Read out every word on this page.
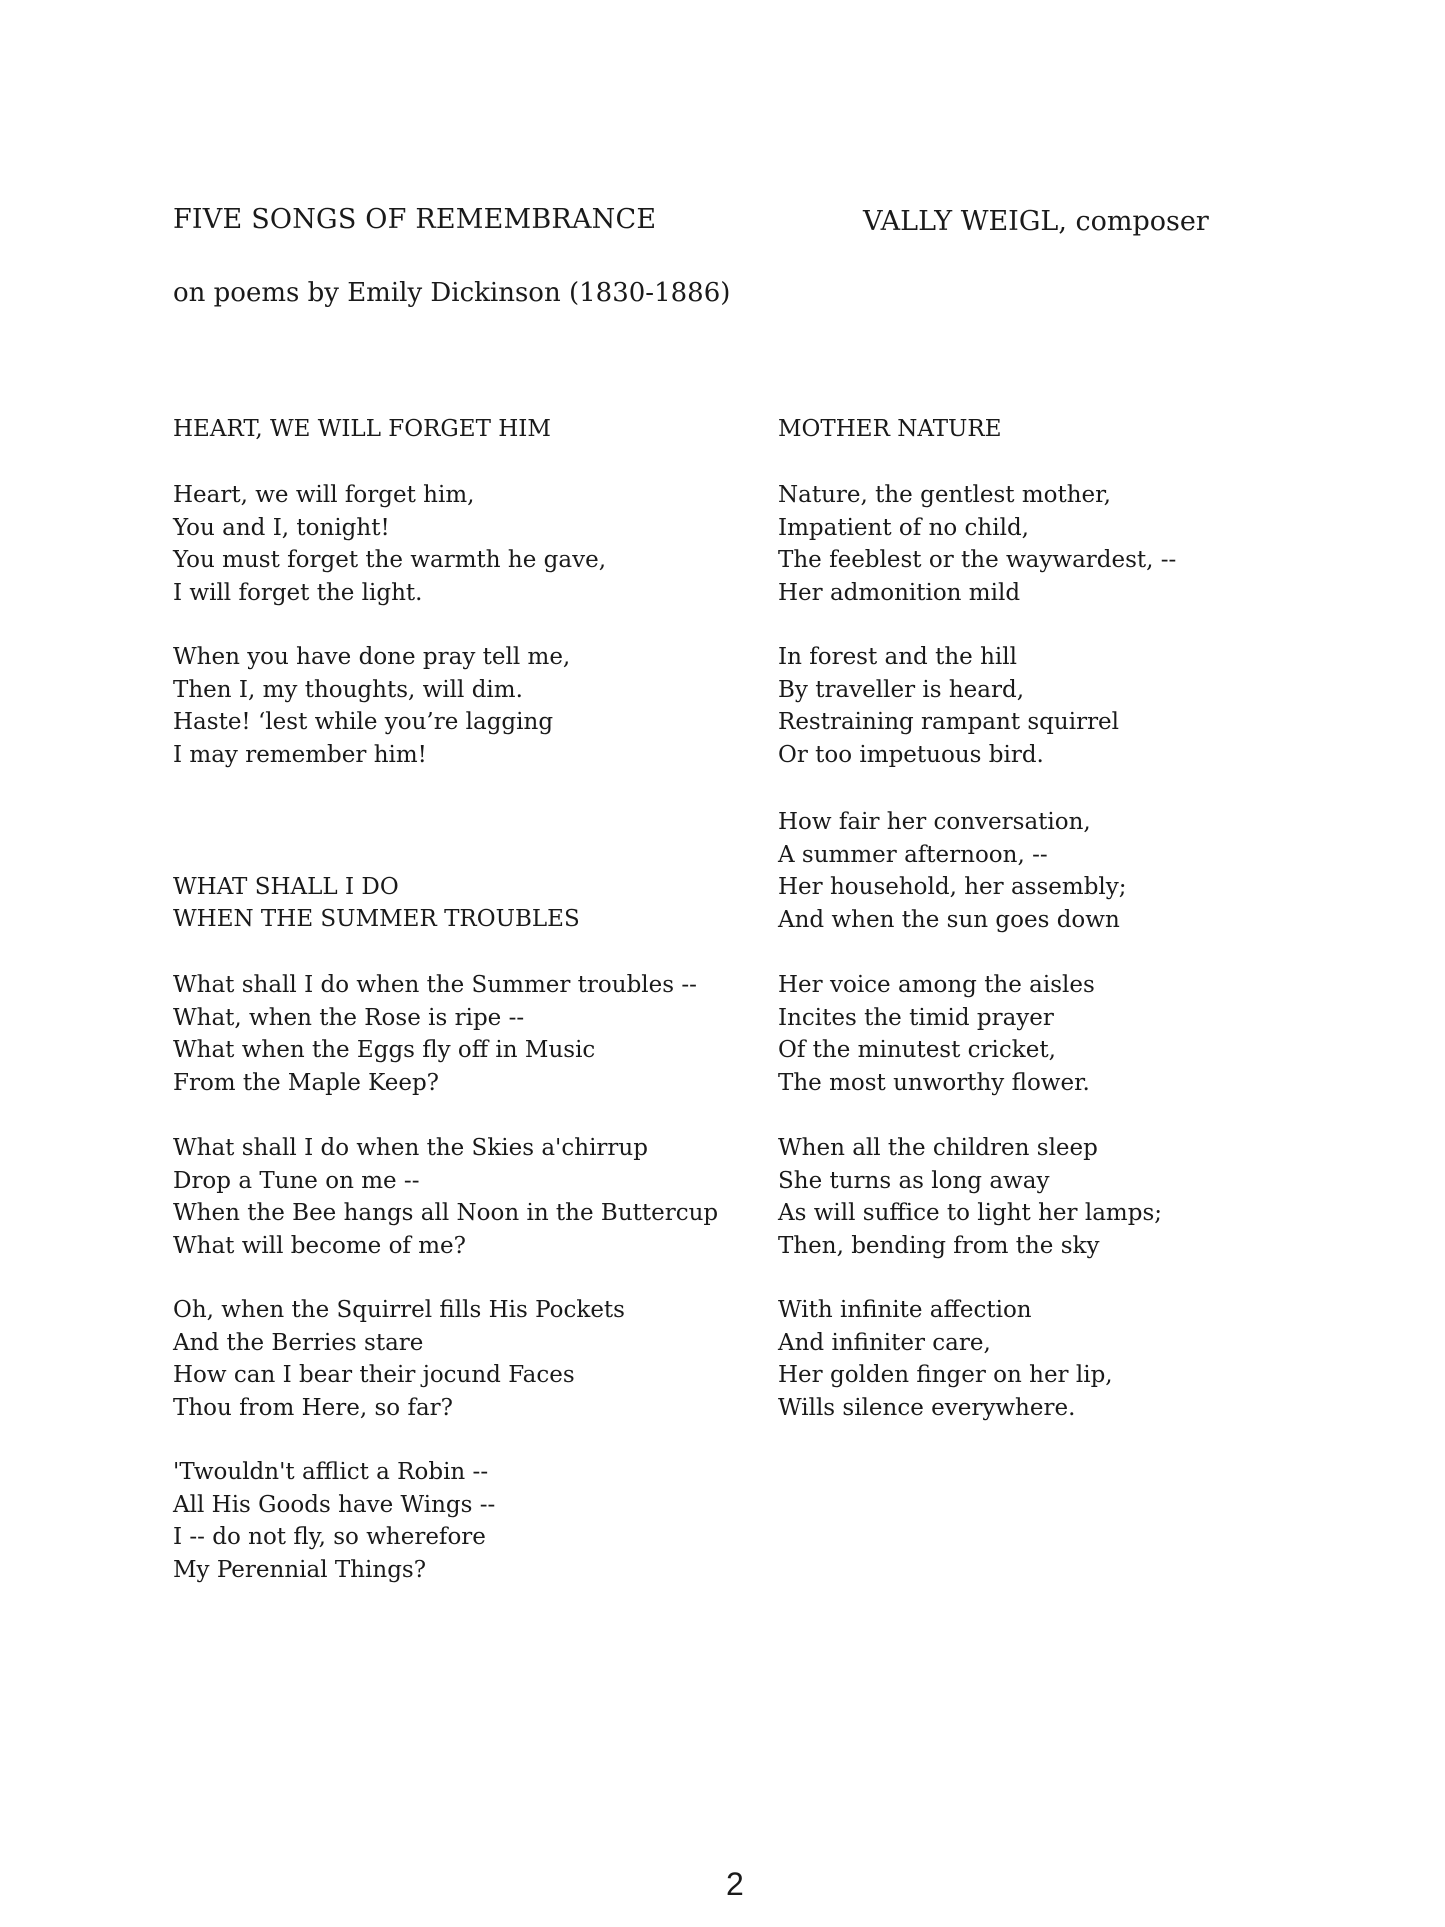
FIVE SONGS OF REMEMBRANCE	VALLY WEIGL, composer
on poems by Emily Dickinson (1830-1886)
HEART, WE WILL FORGET HIM
Heart, we will forget him,
You and I, tonight!
You must forget the warmth he gave,
I will forget the light.
When you have done pray tell me,
Then I, my thoughts, will dim.
Haste! ‘lest while you’re lagging
I may remember him!
WHAT SHALL I DO
WHEN THE SUMMER TROUBLES
What shall I do when the Summer troubles --
What, when the Rose is ripe --
What when the Eggs fly off in Music
From the Maple Keep?
What shall I do when the Skies a'chirrup
Drop a Tune on me --
When the Bee hangs all Noon in the Buttercup
What will become of me?
Oh, when the Squirrel fills His Pockets
And the Berries stare
How can I bear their jocund Faces
Thou from Here, so far?
'Twouldn't afflict a Robin --
All His Goods have Wings --
I -- do not fly, so wherefore
My Perennial Things?
MOTHER NATURE
Nature, the gentlest mother,
Impatient of no child,
The feeblest or the waywardest, --
Her admonition mild
In forest and the hill
By traveller is heard,
Restraining rampant squirrel
Or too impetuous bird.
How fair her conversation,
A summer afternoon, --
Her household, her assembly;
And when the sun goes down
Her voice among the aisles
Incites the timid prayer
Of the minutest cricket,
The most unworthy flower.
When all the children sleep
She turns as long away
As will suffice to light her lamps;
Then, bending from the sky
With infinite affection
And infiniter care,
Her golden finger on her lip,
Wills silence everywhere.
2
